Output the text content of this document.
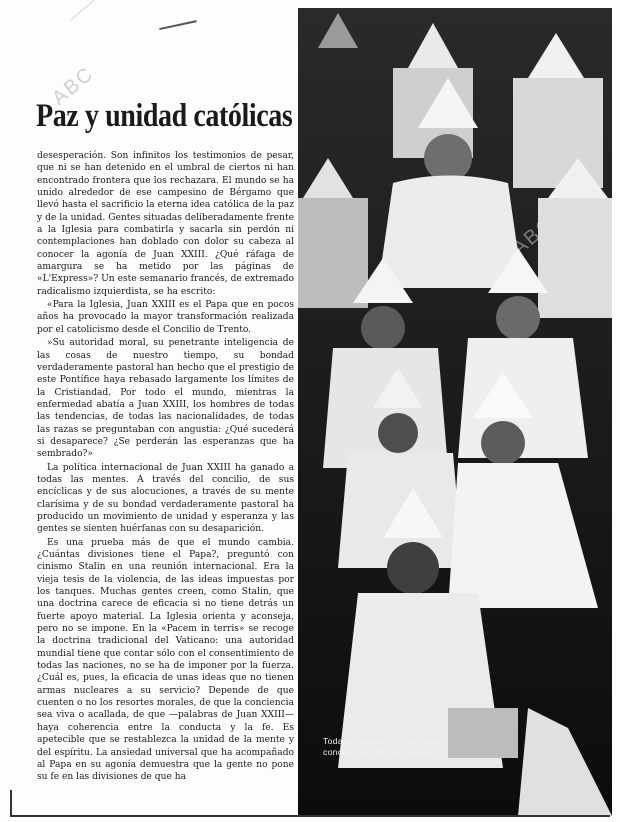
ABC
Paz y unidad católicas

desesperación. Son infinitos los testimonios de pesar, que ni se han detenido en el umbral de ciertos ni han encontrado frontera que los rechazara. El mundo se ha unido alrededor de ese campesino de Bérgamo que llevó hasta el sacrificio la eterna idea católica de la paz y de la unidad. Gentes situadas deliberadamente frente a la Iglesia para combatirla y sacarla sin perdón ni contemplaciones han doblado con dolor su cabeza al conocer la agonía de Juan XXIII. ¿Qué ráfaga de amargura se ha metido por las páginas de «L'Express»? Un este semanario francés, de extremado radicalismo izquierdista, se ha escrito:

«Para la Iglesia, Juan XXIII es el Papa que en pocos años ha provocado la mayor transformación realizada por el catolicismo desde el Concilio de Trento.

»Su autoridad moral, su penetrante inteligencia de las cosas de nuestro tiempo, su bondad verdaderamente pastoral han hecho que el prestigio de este Pontífice haya rebasado largamente los límites de la Cristiandad. Por todo el mundo, mientras la enfermedad abatía a Juan XXIII, los hombres de todas las tendencias, de todas las nacionalidades, de todas las razas se preguntaban con angustia: ¿Qué sucederá si desaparece? ¿Se perderán las esperanzas que ha sembrado?»

La política internacional de Juan XXIII ha ganado a todas las mentes. A través del concilio, de sus encíclicas y de sus alocuciones, a través de su mente clarísima y de su bondad verdaderamente pastoral ha producido un movimiento de unidad y esperanza y las gentes se sienten huérfanas con su desaparición.

Es una prueba más de que el mundo cambia. ¿Cuántas divisiones tiene el Papa?, preguntó con cinismo Stalin en una reunión internacional. Era la vieja tesis de la violencia, de las ideas impuestas por los tanques. Muchas gentes creen, como Stalin, que una doctrina carece de eficacia si no tiene detrás un fuerte apoyo material. La Iglesia orienta y aconseja, pero no se impone. En la «Pacem in terris» se recoge la doctrina tradicional del Vaticano: una autoridad mundial tiene que contar sólo con el consentimiento de todas las naciones, no se ha de imponer por la fuerza. ¿Cuál es, pues, la eficacia de unas ideas que no tienen armas nucleares a su servicio? Depende de que cuenten o no los resortes morales, de que la conciencia sea viva o acallada, de que —palabras de Juan XXIII— haya coherencia entre la conducta y la fe. Es apetecible que se restablezca la unidad de la mente y del espíritu. La ansiedad universal que ha acompañado al Papa en su agonía demuestra que la gente no pone su fe en las divisiones de que ha

ABC
Toda la sabiduría de la Iglesia, concentrada en los debates.
